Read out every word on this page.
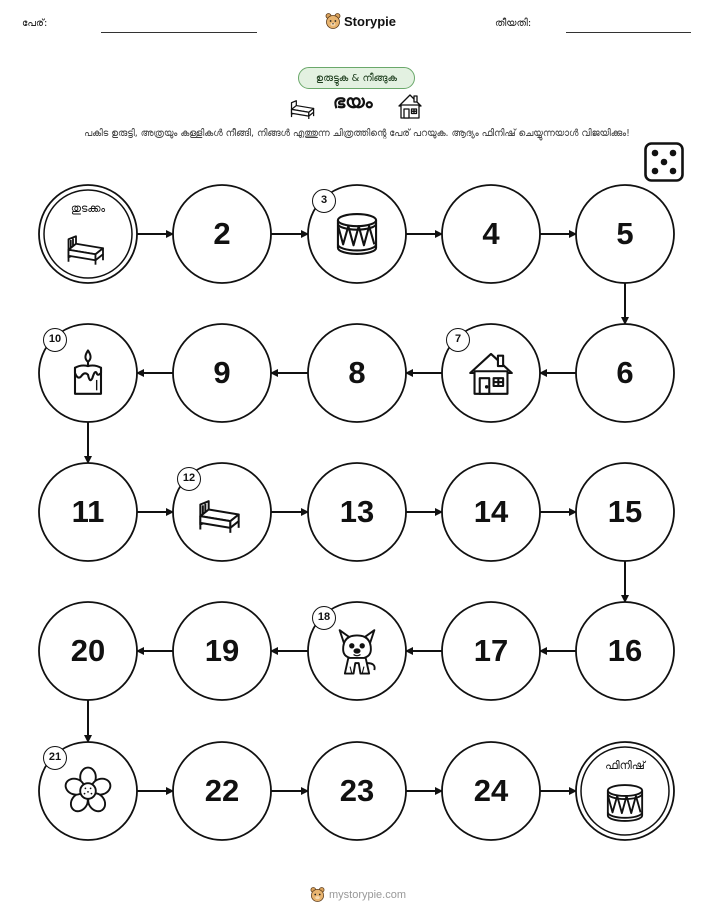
പേര്:	Storypie	തീയതി:
ഉരുട്ടുക & നീങ്ങുക
ഭയം
പകിട ഉരുട്ടി, അത്രയും കള്ളികൾ നീങ്ങി, നിങ്ങൾ എത്തുന്ന ചിത്രത്തിന്റെ പേര് പറയുക. ആദ്യം ഫിനിഷ് ചെയ്യുന്നയാൾ വിജയിക്കും!
തുടക്കം
2
3
4	5
6
7
8
9
10
11
12
13	14	15
16
17
18
19
20
21
22	23	24
ഫിനിഷ്
mystorypie.com
